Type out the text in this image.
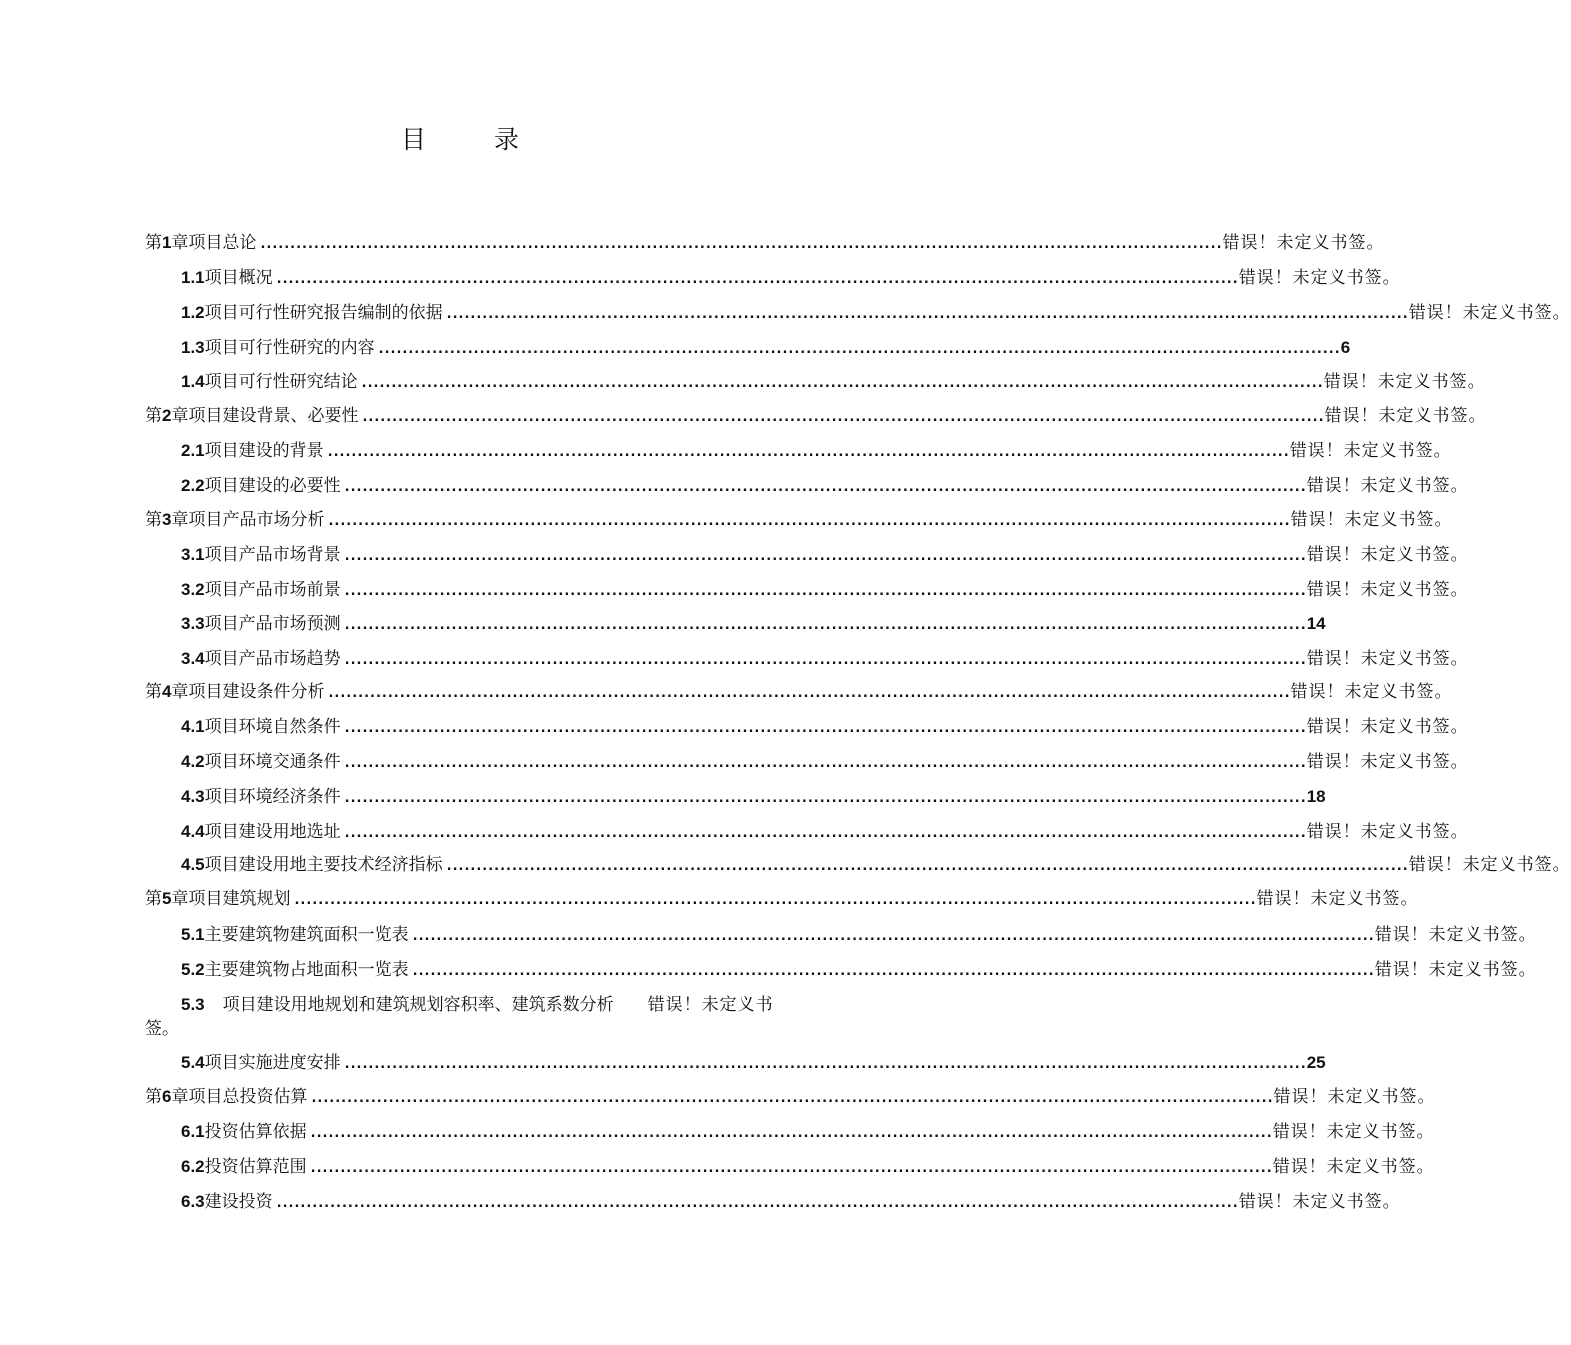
目 录
第 1 章 项目总论 .................................................................................................................................................................. 错误！未定义书签。
1.1 项目概况 .................................................................................................................................................................. 错误！未定义书签。
1.2 项目可行性研究报告编制的依据 .................................................................................................................................................................. 错误！未定义书签。
1.3 项目可行性研究的内容 .................................................................................................................................................................. 6
1.4 项目可行性研究结论 .................................................................................................................................................................. 错误！未定义书签。
第 2 章 项目建设背景、必要性 .................................................................................................................................................................. 错误！未定义书签。
2.1 项目建设的背景 .................................................................................................................................................................. 错误！未定义书签。
2.2 项目建设的必要性 .................................................................................................................................................................. 错误！未定义书签。
第 3 章 项目产品市场分析 .................................................................................................................................................................. 错误！未定义书签。
3.1 项目产品市场背景 .................................................................................................................................................................. 错误！未定义书签。
3.2 项目产品市场前景 .................................................................................................................................................................. 错误！未定义书签。
3.3 项目产品市场预测 .................................................................................................................................................................. 14
3.4 项目产品市场趋势 .................................................................................................................................................................. 错误！未定义书签。
第 4 章 项目建设条件分析 .................................................................................................................................................................. 错误！未定义书签。
4.1 项目环境自然条件 .................................................................................................................................................................. 错误！未定义书签。
4.2 项目环境交通条件 .................................................................................................................................................................. 错误！未定义书签。
4.3 项目环境经济条件 .................................................................................................................................................................. 18
4.4 项目建设用地选址 .................................................................................................................................................................. 错误！未定义书签。
4.5 项目建设用地主要技术经济指标 .................................................................................................................................................................. 错误！未定义书签。
第 5 章 项目建筑规划 .................................................................................................................................................................. 错误！未定义书签。
5.1 主要建筑物建筑面积一览表 .................................................................................................................................................................. 错误！未定义书签。
5.2 主要建筑物占地面积一览表 .................................................................................................................................................................. 错误！未定义书签。
5.3 项目建设用地规划和建筑规划容积率、建筑系数分析 错误！未定义书
签。
5.4 项目实施进度安排 .................................................................................................................................................................. 25
第 6 章 项目总投资估算 .................................................................................................................................................................. 错误！未定义书签。
6.1 投资估算依据 .................................................................................................................................................................. 错误！未定义书签。
6.2 投资估算范围 .................................................................................................................................................................. 错误！未定义书签。
6.3 建设投资 .................................................................................................................................................................. 错误！未定义书签。
